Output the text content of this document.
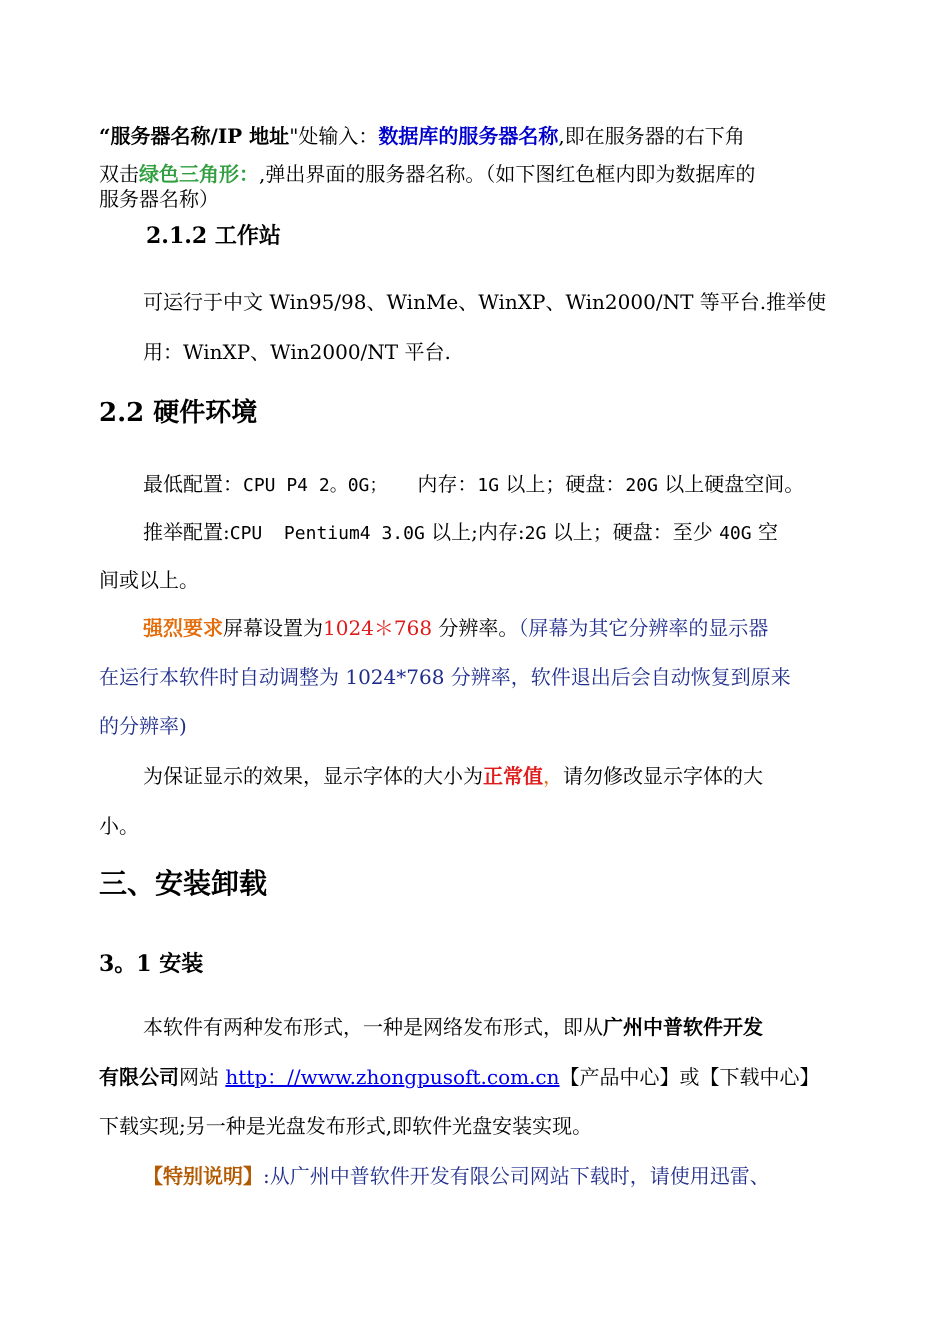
“服务器名称/IP 地址"处输入：数据库的服务器名称,即在服务器的右下角
双击绿色三角形：,弹出界面的服务器名称。（如下图红色框内即为数据库的
服务器名称）
2.1.2 工作站
可运行于中文 Win95/98、WinMe、WinXP、Win2000/NT 等平台.推举使
用：WinXP、Win2000/NT 平台.
2.2 硬件环境
最低配置：CPU P4 2。0G； 内存：1G 以上；硬盘：20G 以上硬盘空间。
推举配置:CPU  Pentium4 3.0G 以上;内存:2G 以上；硬盘：至少 40G 空
间或以上。
强烈要求屏幕设置为1024＊768 分辨率。（屏幕为其它分辨率的显示器
在运行本软件时自动调整为 1024*768 分辨率，软件退出后会自动恢复到原来
的分辨率)
为保证显示的效果，显示字体的大小为正常值，请勿修改显示字体的大
小。
三、安装卸载
3。1 安装
本软件有两种发布形式，一种是网络发布形式，即从广州中普软件开发
有限公司网站 http：//www.zhongpusoft.com.cn【产品中心】或【下载中心】
下载实现;另一种是光盘发布形式,即软件光盘安装实现。
【特别说明】:从广州中普软件开发有限公司网站下载时，请使用迅雷、
